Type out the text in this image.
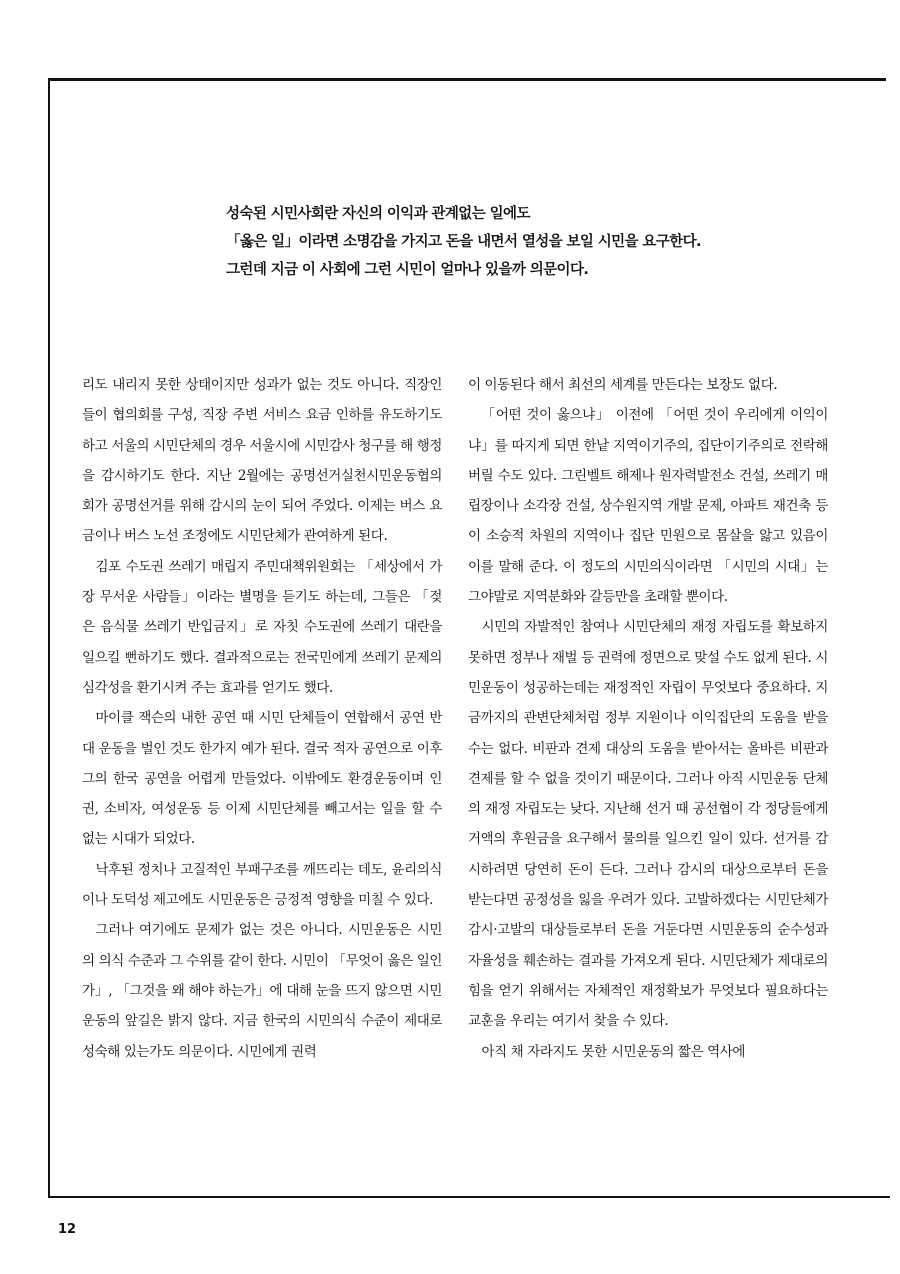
성숙된 시민사회란 자신의 이익과 관계없는 일에도
「옳은 일」이라면 소명감을 가지고 돈을 내면서 열성을 보일 시민을 요구한다.
그런데 지금 이 사회에 그런 시민이 얼마나 있을까 의문이다.

리도 내리지 못한 상태이지만 성과가 없는 것도 아니다. 직장인들이 협의회를 구성, 직장 주변 서비스 요금 인하를 유도하기도 하고 서울의 시민단체의 경우 서울시에 시민감사 청구를 해 행정을 감시하기도 한다. 지난 2월에는 공명선거실천시민운동협의회가 공명선거를 위해 감시의 눈이 되어 주었다. 이제는 버스 요금이나 버스 노선 조정에도 시민단체가 관여하게 된다.

김포 수도권 쓰레기 매립지 주민대책위원회는 「세상에서 가장 무서운 사람들」이라는 별명을 듣기도 하는데, 그들은 「젖은 음식물 쓰레기 반입금지」로 자칫 수도권에 쓰레기 대란을 일으킬 뻔하기도 했다. 결과적으로는 전국민에게 쓰레기 문제의 심각성을 환기시켜 주는 효과를 얻기도 했다.

마이클 잭슨의 내한 공연 때 시민 단체들이 연합해서 공연 반대 운동을 벌인 것도 한가지 예가 된다. 결국 적자 공연으로 이후 그의 한국 공연을 어렵게 만들었다. 이밖에도 환경운동이며 인권, 소비자, 여성운동 등 이제 시민단체를 빼고서는 일을 할 수 없는 시대가 되었다.

낙후된 정치나 고질적인 부패구조를 깨뜨리는 데도, 윤리의식이나 도덕성 제고에도 시민운동은 긍정적 영향을 미칠 수 있다.

그러나 여기에도 문제가 없는 것은 아니다. 시민운동은 시민의 의식 수준과 그 수위를 같이 한다. 시민이 「무엇이 옳은 일인가」, 「그것을 왜 해야 하는가」에 대해 눈을 뜨지 않으면 시민운동의 앞길은 밝지 않다. 지금 한국의 시민의식 수준이 제대로 성숙해 있는가도 의문이다. 시민에게 권력

이 이동된다 해서 최선의 세계를 만든다는 보장도 없다.

「어떤 것이 옳으냐」 이전에 「어떤 것이 우리에게 이익이냐」를 따지게 되면 한낱 지역이기주의, 집단이기주의로 전락해 버릴 수도 있다. 그린벨트 해제나 원자력발전소 건설, 쓰레기 매립장이나 소각장 건설, 상수원지역 개발 문제, 아파트 재건축 등이 소승적 차원의 지역이나 집단 민원으로 몸살을 앓고 있음이 이를 말해 준다. 이 정도의 시민의식이라면 「시민의 시대」는 그야말로 지역분화와 갈등만을 초래할 뿐이다.

시민의 자발적인 참여나 시민단체의 재정 자립도를 확보하지 못하면 정부나 재벌 등 권력에 정면으로 맞설 수도 없게 된다. 시민운동이 성공하는데는 재정적인 자립이 무엇보다 중요하다. 지금까지의 관변단체처럼 정부 지원이나 이익집단의 도움을 받을 수는 없다. 비판과 견제 대상의 도움을 받아서는 올바른 비판과 견제를 할 수 없을 것이기 때문이다. 그러나 아직 시민운동 단체의 재정 자립도는 낮다. 지난해 선거 때 공선협이 각 정당들에게 거액의 후원금을 요구해서 물의를 일으킨 일이 있다. 선거를 감시하려면 당연히 돈이 든다. 그러나 감시의 대상으로부터 돈을 받는다면 공정성을 잃을 우려가 있다. 고발하겠다는 시민단체가 감시·고발의 대상들로부터 돈을 거둔다면 시민운동의 순수성과 자율성을 훼손하는 결과를 가져오게 된다. 시민단체가 제대로의 힘을 얻기 위해서는 자체적인 재정확보가 무엇보다 필요하다는 교훈을 우리는 여기서 찾을 수 있다.

아직 채 자라지도 못한 시민운동의 짧은 역사에

12
